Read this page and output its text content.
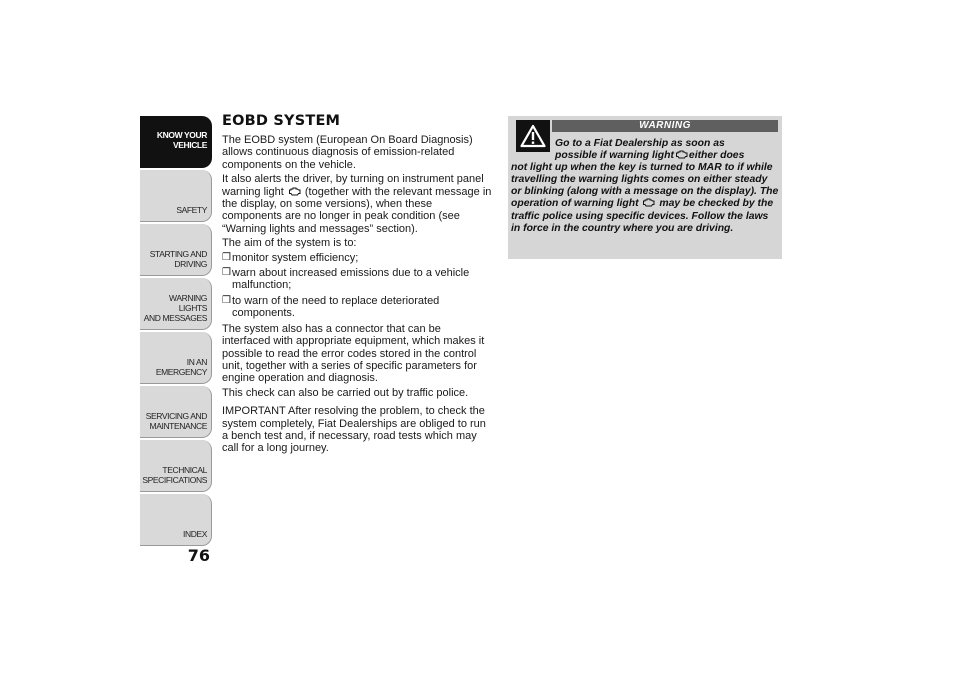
KNOW YOUR
VEHICLE
SAFETY
STARTING AND
DRIVING
WARNING LIGHTS
AND MESSAGES
IN AN EMERGENCY
SERVICING AND
MAINTENANCE
TECHNICAL
SPECIFICATIONS
INDEX
76
EOBD SYSTEM

The EOBD system (European On Board Diagnosis) allows continuous diagnosis of emission-related components on the vehicle.

It also alerts the driver, by turning on instrument panel warning light (together with the relevant message in the display, on some versions), when these components are no longer in peak condition (see “Warning lights and messages” section).

The aim of the system is to:

❒ monitor system efficiency;
❒ warn about increased emissions due to a vehicle malfunction;
❒ to warn of the need to replace deteriorated components.

The system also has a connector that can be interfaced with appropriate equipment, which makes it possible to read the error codes stored in the control unit, together with a series of specific parameters for engine operation and diagnosis.

This check can also be carried out by traffic police.

IMPORTANT After resolving the problem, to check the system completely, Fiat Dealerships are obliged to run a bench test and, if necessary, road tests which may call for a long journey.

WARNING
Go to a Fiat Dealership as soon as
possible if warning light either does
not light up when the key is turned to MAR to if while travelling the warning lights comes on either steady or blinking (along with a message on the display). The operation of warning light may be checked by the traffic police using specific devices. Follow the laws in force in the country where you are driving.
